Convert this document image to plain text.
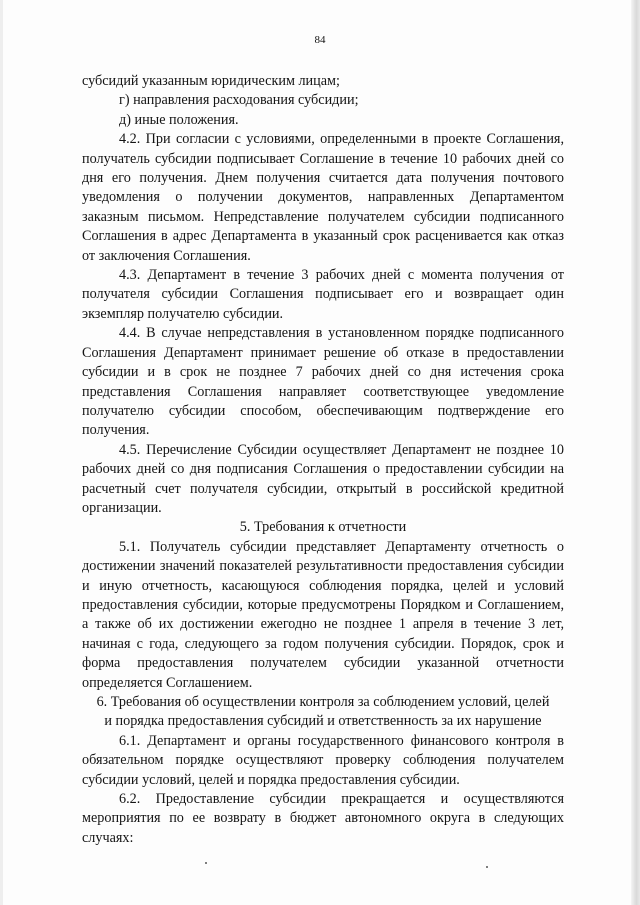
84

субсидий указанным юридическим лицам;

г) направления расходования субсидии;

д) иные положения.

4.2. При согласии с условиями, определенными в проекте Соглашения, получатель субсидии подписывает Соглашение в течение 10 рабочих дней со дня его получения. Днем получения считается дата получения почтового уведомления о получении документов, направленных Департаментом заказным письмом. Непредставление получателем субсидии подписанного Соглашения в адрес Департамента в указанный срок расценивается как отказ от заключения Соглашения.

4.3. Департамент в течение 3 рабочих дней с момента получения от получателя субсидии Соглашения подписывает его и возвращает один экземпляр получателю субсидии.

4.4. В случае непредставления в установленном порядке подписанного Соглашения Департамент принимает решение об отказе в предоставлении субсидии и в срок не позднее 7 рабочих дней со дня истечения срока представления Соглашения направляет соответствующее уведомление получателю субсидии способом, обеспечивающим подтверждение его получения.

4.5. Перечисление Субсидии осуществляет Департамент не позднее 10 рабочих дней со дня подписания Соглашения о предоставлении субсидии на расчетный счет получателя субсидии, открытый в российской кредитной организации.

5. Требования к отчетности

5.1. Получатель субсидии представляет Департаменту отчетность о достижении значений показателей результативности предоставления субсидии и иную отчетность, касающуюся соблюдения порядка, целей и условий предоставления субсидии, которые предусмотрены Порядком и Соглашением, а также об их достижении ежегодно не позднее 1 апреля в течение 3 лет, начиная с года, следующего за годом получения субсидии. Порядок, срок и форма предоставления получателем субсидии указанной отчетности определяется Соглашением.

6. Требования об осуществлении контроля за соблюдением условий, целей и порядка предоставления субсидий и ответственность за их нарушение

6.1. Департамент и органы государственного финансового контроля в обязательном порядке осуществляют проверку соблюдения получателем субсидии условий, целей и порядка предоставления субсидии.

6.2. Предоставление субсидии прекращается и осуществляются мероприятия по ее возврату в бюджет автономного округа в следующих случаях:
